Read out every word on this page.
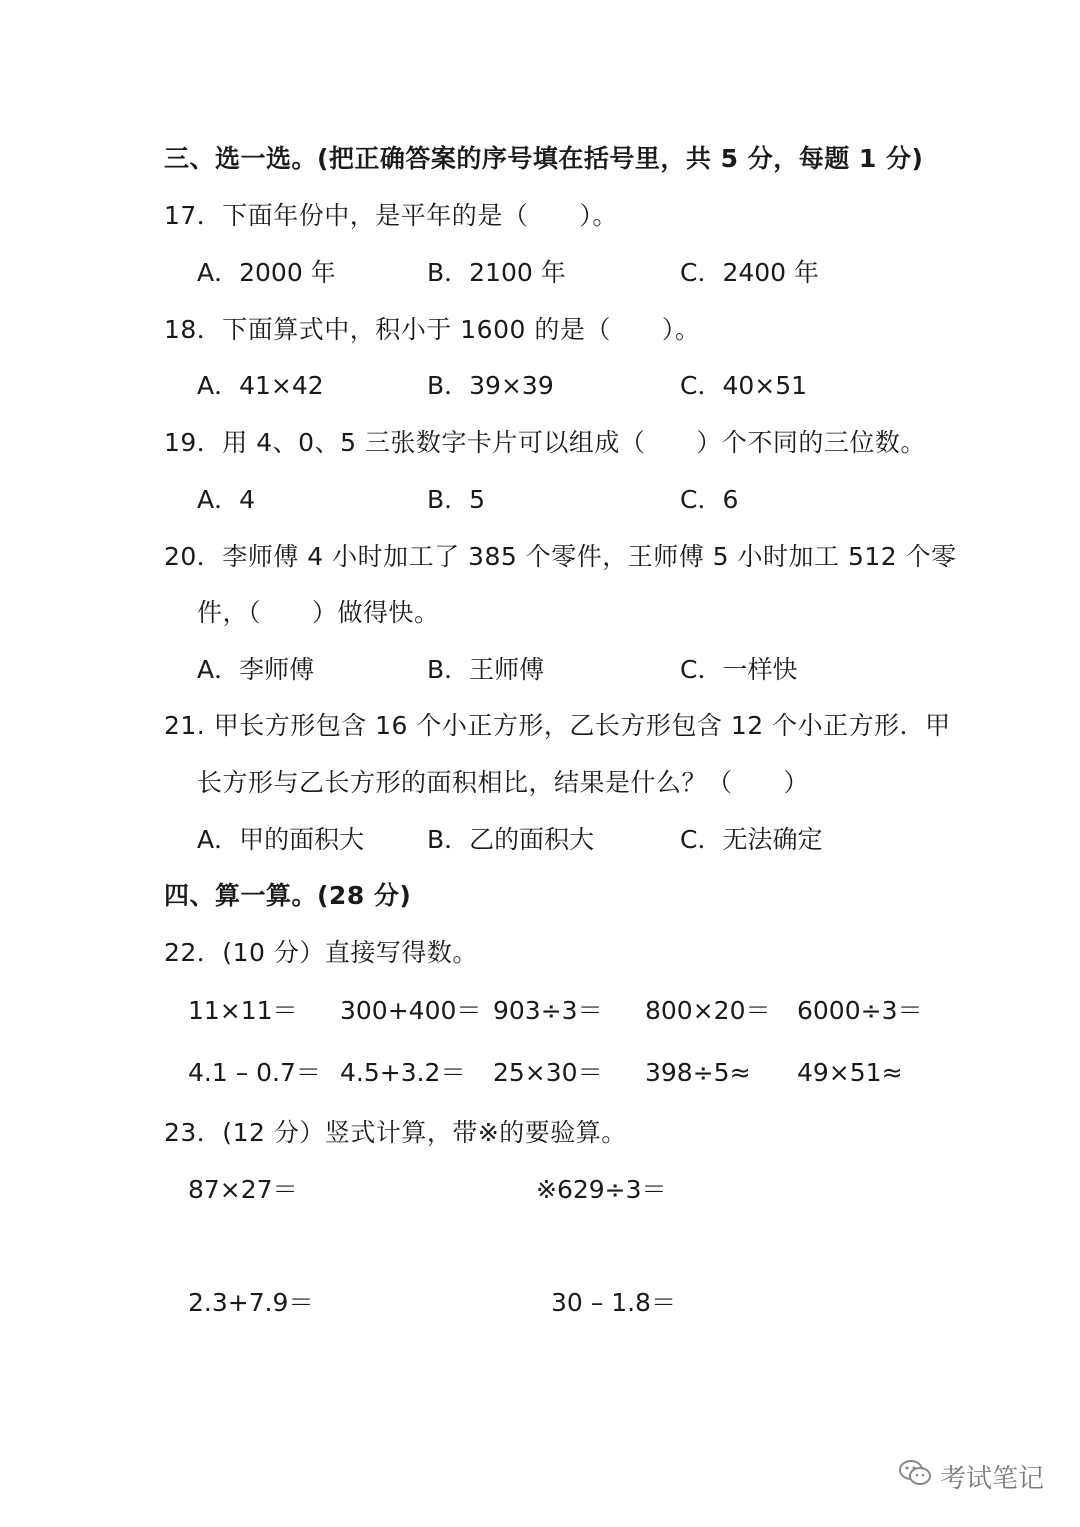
三、选一选。(把正确答案的序号填在括号里，共 5 分，每题 1 分)
17．下面年份中，是平年的是（　　）。
A．2000 年	B．2100 年	C．2400 年
18．下面算式中，积小于 1600 的是（　　）。
A．41×42	B．39×39	C．40×51
19．用 4、0、5 三张数字卡片可以组成（　　）个不同的三位数。
A．4	B．5	C．6
20．李师傅 4 小时加工了 385 个零件，王师傅 5 小时加工 512 个零
件，（　　）做得快。
A．李师傅	B．王师傅	C．一样快
21. 甲长方形包含 16 个小正方形，乙长方形包含 12 个小正方形．甲
长方形与乙长方形的面积相比，结果是什么？（　　）
A．甲的面积大	B．乙的面积大	C．无法确定
四、算一算。(28 分)
22．(10 分）直接写得数。
11×11＝ 300+400＝ 903÷3＝ 800×20＝ 6000÷3＝
4.1 – 0.7＝ 4.5+3.2＝ 25×30＝ 398÷5≈ 49×51≈
23．(12 分）竖式计算，带※的要验算。
87×27＝	※629÷3＝
2.3+7.9＝	30 – 1.8＝
考试笔记
